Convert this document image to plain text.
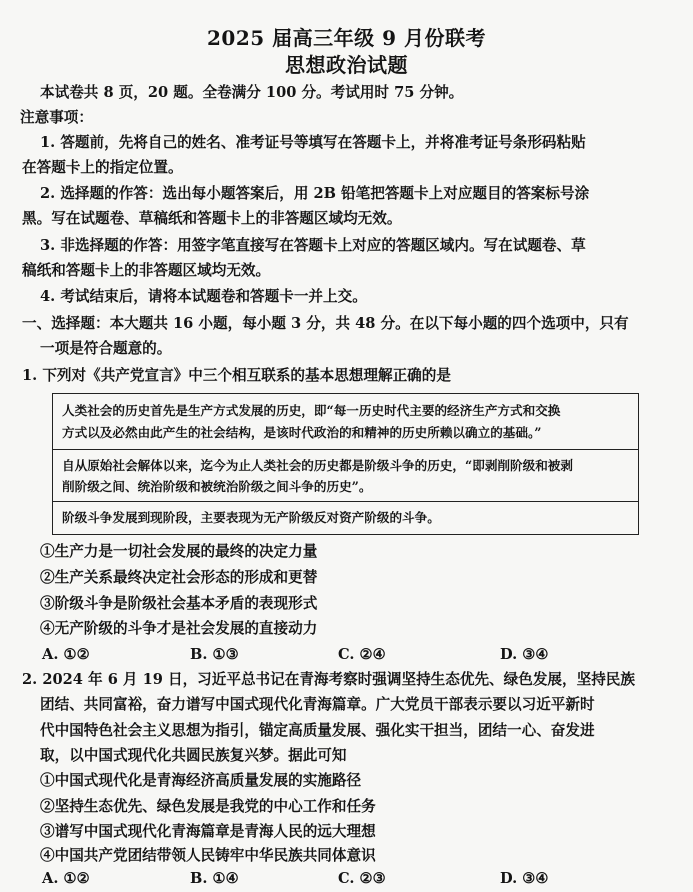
2025 届高三年级 9 月份联考
思想政治试题
本试卷共 8 页，20 题。全卷满分 100 分。考试用时 75 分钟。
注意事项：
1. 答题前，先将自己的姓名、准考证号等填写在答题卡上，并将准考证号条形码粘贴
在答题卡上的指定位置。
2. 选择题的作答：选出每小题答案后，用 2B 铅笔把答题卡上对应题目的答案标号涂
黑。写在试题卷、草稿纸和答题卡上的非答题区域均无效。
3. 非选择题的作答：用签字笔直接写在答题卡上对应的答题区域内。写在试题卷、草
稿纸和答题卡上的非答题区域均无效。
4. 考试结束后，请将本试题卷和答题卡一并上交。
一、选择题：本大题共 16 小题，每小题 3 分，共 48 分。在以下每小题的四个选项中，只有
一项是符合题意的。
1. 下列对《共产党宣言》中三个相互联系的基本思想理解正确的是
人类社会的历史首先是生产方式发展的历史，即“每一历史时代主要的经济生产方式和交换
方式以及必然由此产生的社会结构，是该时代政治的和精神的历史所赖以确立的基础。”
自从原始社会解体以来，迄今为止人类社会的历史都是阶级斗争的历史，“即剥削阶级和被剥
削阶级之间、统治阶级和被统治阶级之间斗争的历史”。
阶级斗争发展到现阶段，主要表现为无产阶级反对资产阶级的斗争。
①生产力是一切社会发展的最终的决定力量
②生产关系最终决定社会形态的形成和更替
③阶级斗争是阶级社会基本矛盾的表现形式
④无产阶级的斗争才是社会发展的直接动力
A. ①②	B. ①③	C. ②④	D. ③④
2. 2024 年 6 月 19 日，习近平总书记在青海考察时强调坚持生态优先、绿色发展，坚持民族
团结、共同富裕，奋力谱写中国式现代化青海篇章。广大党员干部表示要以习近平新时
代中国特色社会主义思想为指引，锚定高质量发展、强化实干担当，团结一心、奋发进
取，以中国式现代化共圆民族复兴梦。据此可知
①中国式现代化是青海经济高质量发展的实施路径
②坚持生态优先、绿色发展是我党的中心工作和任务
③谱写中国式现代化青海篇章是青海人民的远大理想
④中国共产党团结带领人民铸牢中华民族共同体意识
A. ①②	B. ①④	C. ②③	D. ③④
